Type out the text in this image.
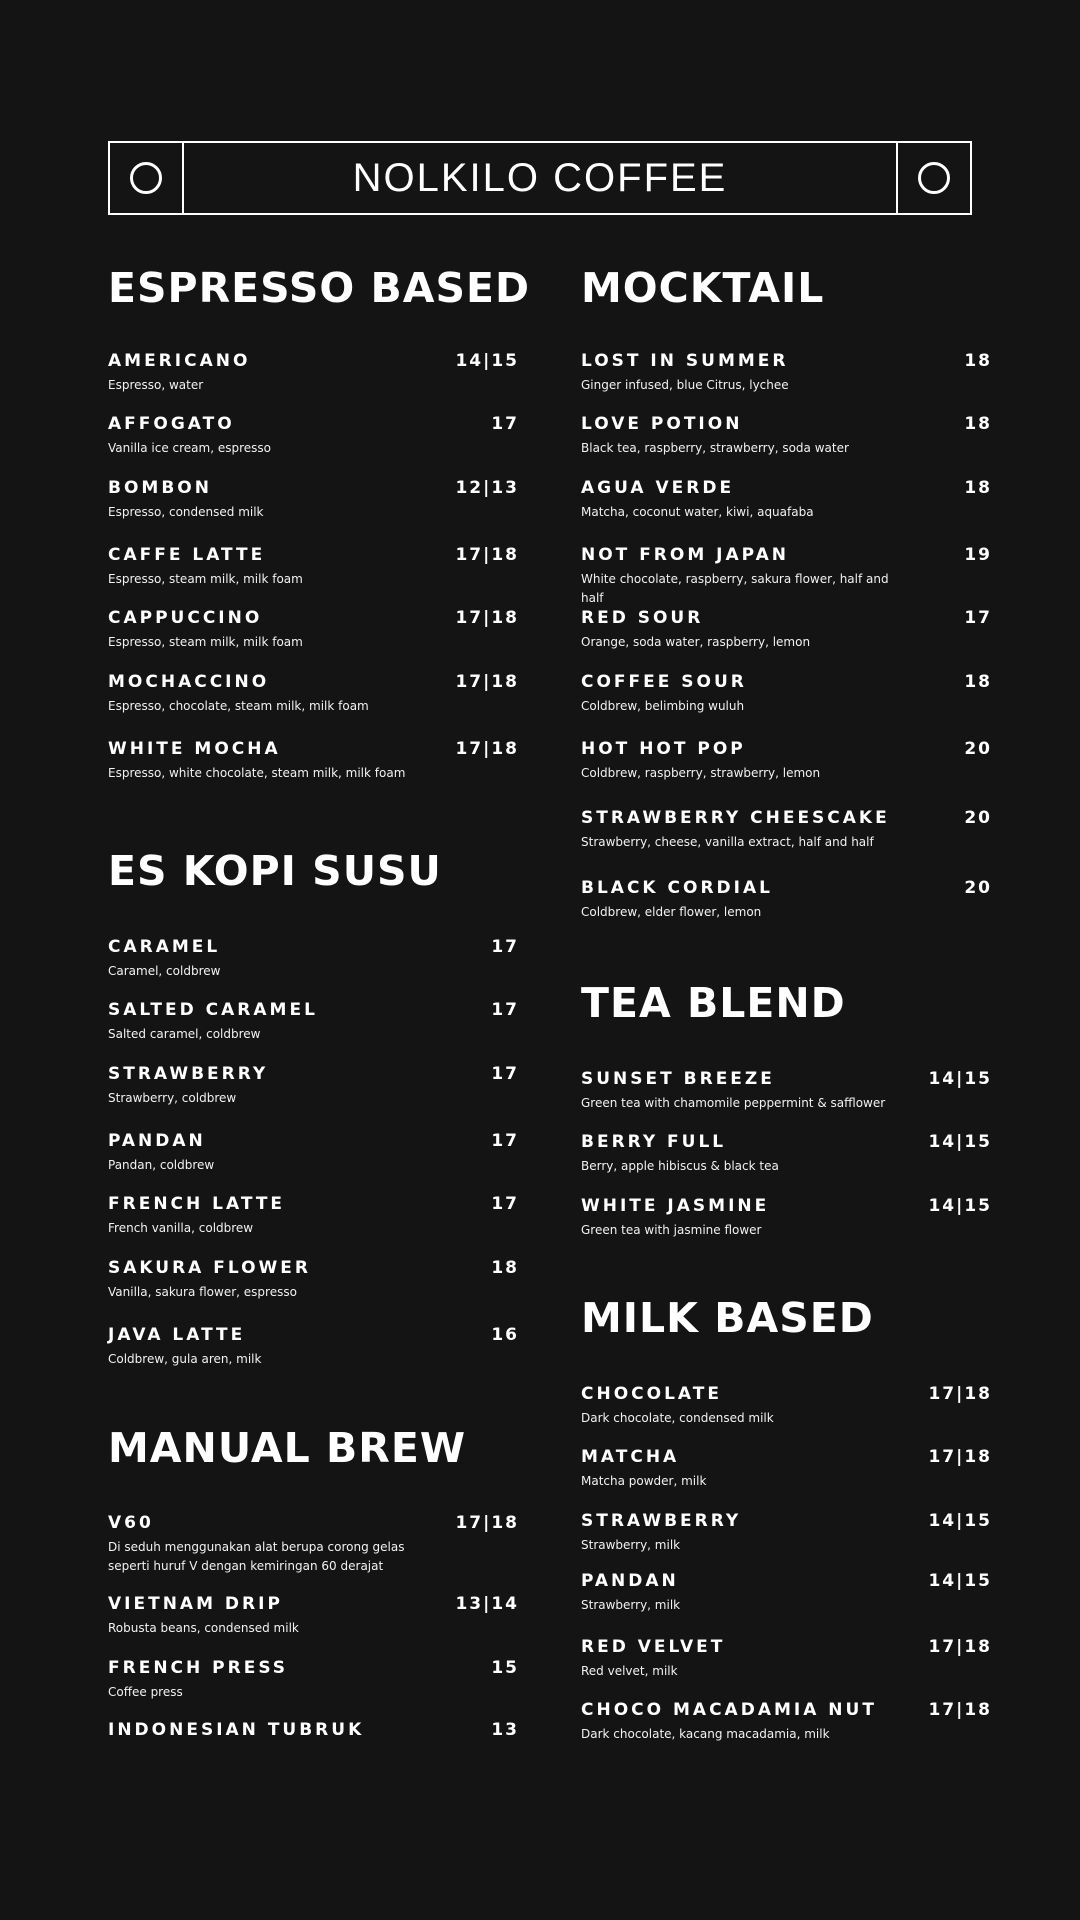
NOLKILO COFFEE
ESPRESSO BASED
AMERICANO	14|15
Espresso, water
AFFOGATO	17
Vanilla ice cream, espresso
BOMBON	12|13
Espresso, condensed milk
CAFFE LATTE	17|18
Espresso, steam milk, milk foam
CAPPUCCINO	17|18
Espresso, steam milk, milk foam
MOCHACCINO	17|18
Espresso, chocolate, steam milk, milk foam
WHITE MOCHA	17|18
Espresso, white chocolate, steam milk, milk foam
ES KOPI SUSU
CARAMEL	17
Caramel, coldbrew
SALTED CARAMEL	17
Salted caramel, coldbrew
STRAWBERRY	17
Strawberry, coldbrew
PANDAN	17
Pandan, coldbrew
FRENCH LATTE	17
French vanilla, coldbrew
SAKURA FLOWER	18
Vanilla, sakura flower, espresso
JAVA LATTE	16
Coldbrew, gula aren, milk
MANUAL BREW
V60	17|18
Di seduh menggunakan alat berupa corong gelas seperti huruf V dengan kemiringan 60 derajat
VIETNAM DRIP	13|14
Robusta beans, condensed milk
FRENCH PRESS	15
Coffee press
INDONESIAN TUBRUK	13
MOCKTAIL
LOST IN SUMMER	18
Ginger infused, blue Citrus, lychee
LOVE POTION	18
Black tea, raspberry, strawberry, soda water
AGUA VERDE	18
Matcha, coconut water, kiwi, aquafaba
NOT FROM JAPAN	19
White chocolate, raspberry, sakura flower, half and half
RED SOUR	17
Orange, soda water, raspberry, lemon
COFFEE SOUR	18
Coldbrew, belimbing wuluh
HOT HOT POP	20
Coldbrew, raspberry, strawberry, lemon
STRAWBERRY CHEESCAKE	20
Strawberry, cheese, vanilla extract, half and half
BLACK CORDIAL	20
Coldbrew, elder flower, lemon
TEA BLEND
SUNSET BREEZE	14|15
Green tea with chamomile peppermint & safflower
BERRY FULL	14|15
Berry, apple hibiscus & black tea
WHITE JASMINE	14|15
Green tea with jasmine flower
MILK BASED
CHOCOLATE	17|18
Dark chocolate, condensed milk
MATCHA	17|18
Matcha powder, milk
STRAWBERRY	14|15
Strawberry, milk
PANDAN	14|15
Strawberry, milk
RED VELVET	17|18
Red velvet, milk
CHOCO MACADAMIA NUT	17|18
Dark chocolate, kacang macadamia, milk
